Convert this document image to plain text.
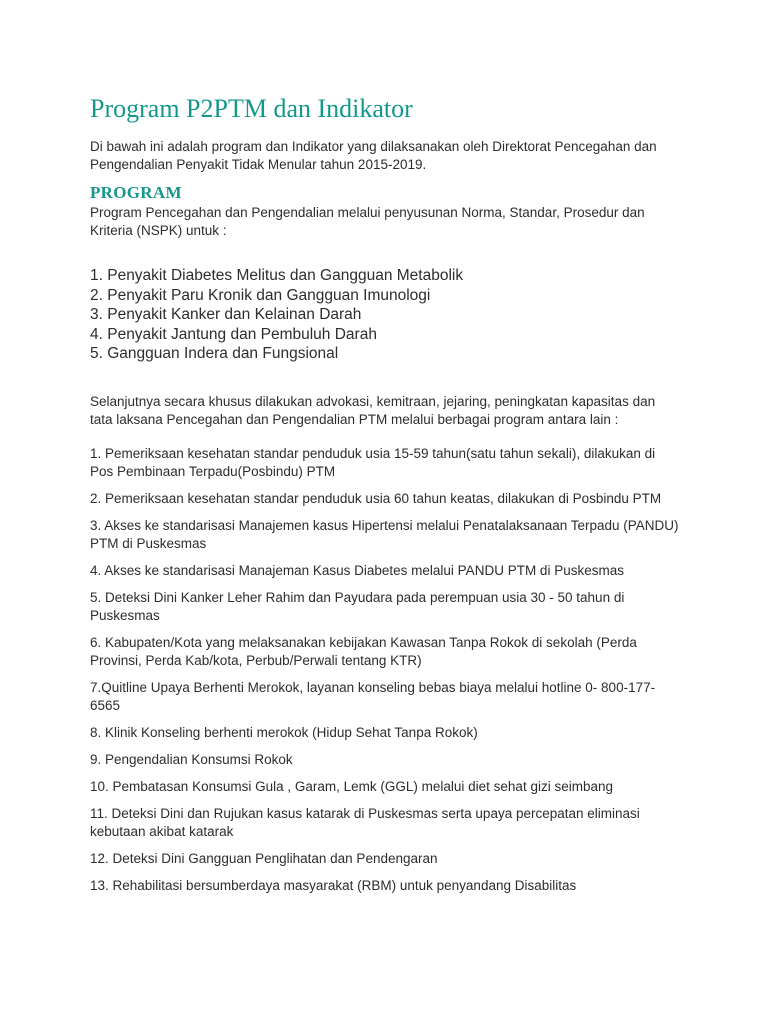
Program P2PTM dan Indikator

Di bawah ini adalah program dan Indikator yang dilaksanakan oleh Direktorat Pencegahan dan Pengendalian Penyakit Tidak Menular tahun 2015-2019.

PROGRAM

Program Pencegahan dan Pengendalian melalui penyusunan Norma, Standar, Prosedur dan Kriteria (NSPK) untuk :

1. Penyakit Diabetes Melitus dan Gangguan Metabolik
2. Penyakit Paru Kronik dan Gangguan Imunologi
3. Penyakit Kanker dan Kelainan Darah
4. Penyakit Jantung dan Pembuluh Darah
5. Gangguan Indera dan Fungsional

Selanjutnya secara khusus dilakukan advokasi, kemitraan, jejaring, peningkatan kapasitas dan tata laksana Pencegahan dan Pengendalian PTM melalui berbagai program antara lain :

1. Pemeriksaan kesehatan standar penduduk usia 15-59 tahun(satu tahun sekali), dilakukan di Pos Pembinaan Terpadu(Posbindu) PTM
2. Pemeriksaan kesehatan standar penduduk usia 60 tahun keatas, dilakukan di Posbindu PTM
3. Akses ke standarisasi Manajemen kasus Hipertensi melalui Penatalaksanaan Terpadu (PANDU) PTM di Puskesmas
4. Akses ke standarisasi Manajeman Kasus Diabetes melalui PANDU PTM di Puskesmas
5. Deteksi Dini Kanker Leher Rahim dan Payudara pada perempuan usia 30 - 50 tahun di Puskesmas
6. Kabupaten/Kota yang melaksanakan kebijakan Kawasan Tanpa Rokok di sekolah (Perda Provinsi, Perda Kab/kota, Perbub/Perwali tentang KTR)
7.Quitline Upaya Berhenti Merokok, layanan konseling bebas biaya melalui hotline 0- 800-177-6565
8. Klinik Konseling berhenti merokok (Hidup Sehat Tanpa Rokok)
9. Pengendalian Konsumsi Rokok
10. Pembatasan Konsumsi Gula , Garam, Lemk (GGL) melalui diet sehat gizi seimbang
11. Deteksi Dini dan Rujukan kasus katarak di Puskesmas serta upaya percepatan eliminasi kebutaan akibat katarak
12. Deteksi Dini Gangguan Penglihatan dan Pendengaran
13. Rehabilitasi bersumberdaya masyarakat (RBM) untuk penyandang Disabilitas
